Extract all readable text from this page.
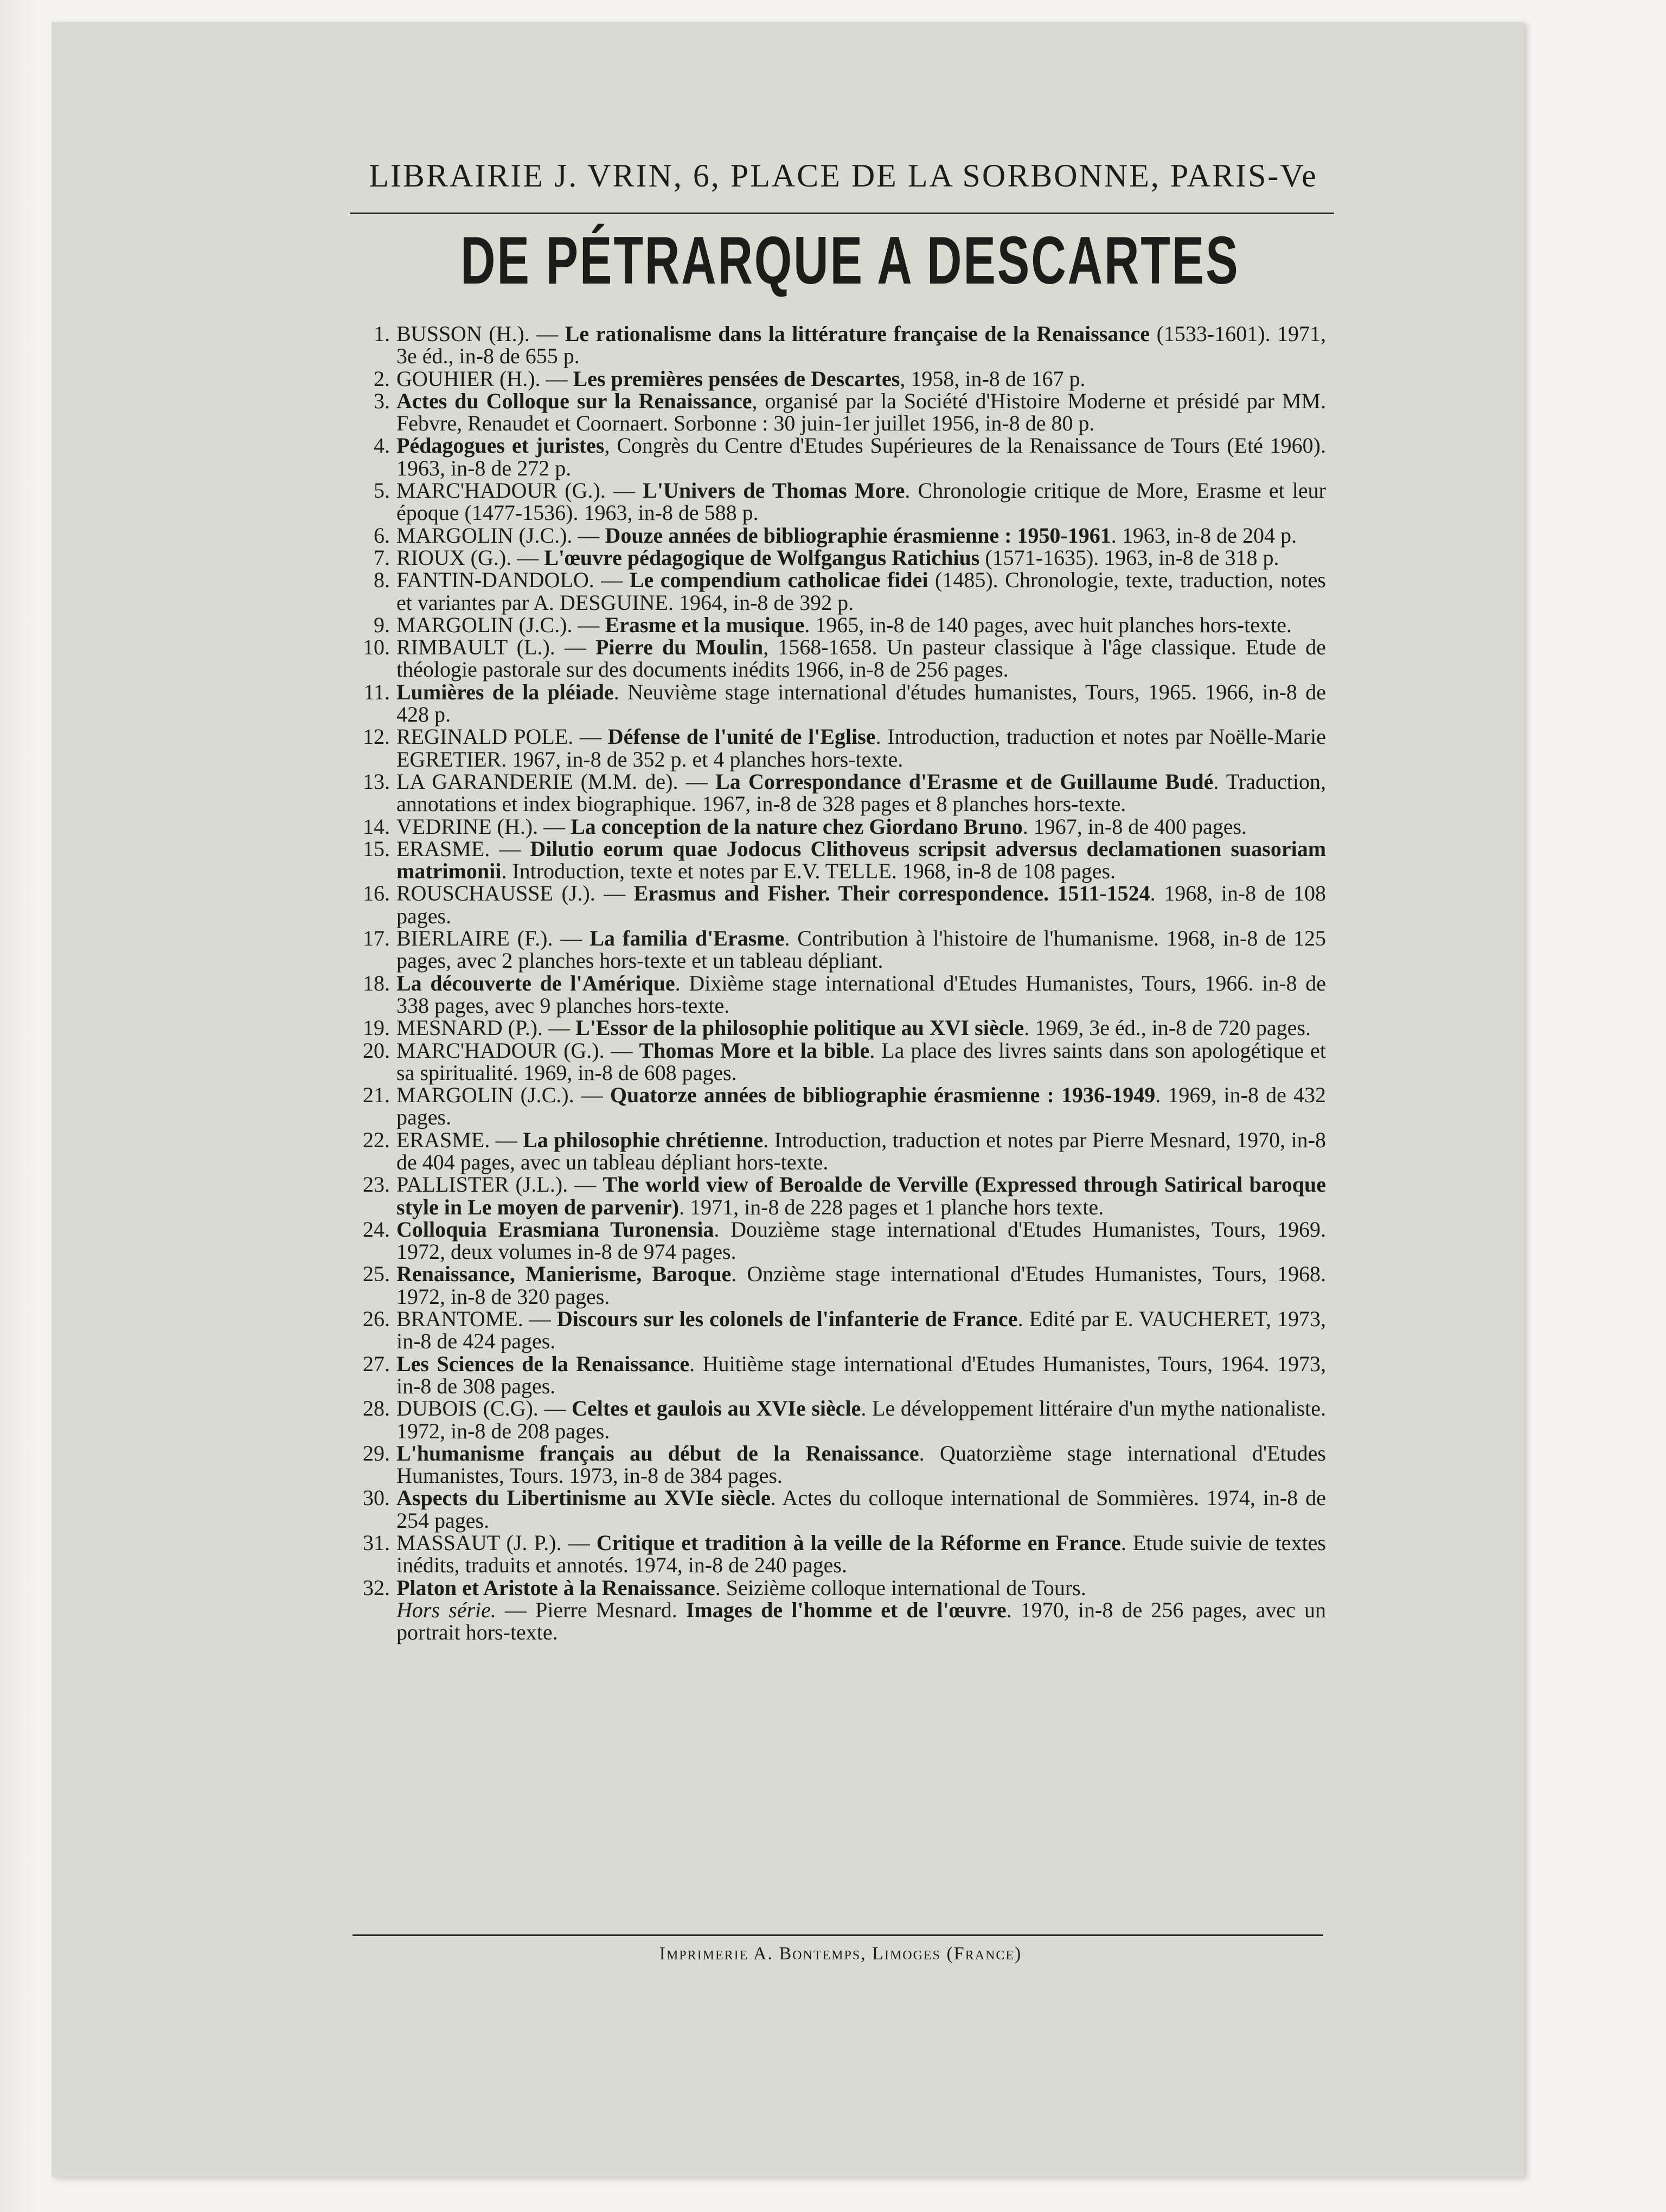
LIBRAIRIE J. VRIN, 6, PLACE DE LA SORBONNE, PARIS-Ve
DE PÉTRARQUE A DESCARTES
1. BUSSON (H.). — Le rationalisme dans la littérature française de la Renaissance (1533-1601). 1971, 3e éd., in-8 de 655 p.
2. GOUHIER (H.). — Les premières pensées de Descartes, 1958, in-8 de 167 p.
3. Actes du Colloque sur la Renaissance, organisé par la Société d'Histoire Moderne et présidé par MM. Febvre, Renaudet et Coornaert. Sorbonne : 30 juin-1er juillet 1956, in-8 de 80 p.
4. Pédagogues et juristes, Congrès du Centre d'Etudes Supérieures de la Renaissance de Tours (Eté 1960). 1963, in-8 de 272 p.
5. MARC'HADOUR (G.). — L'Univers de Thomas More. Chronologie critique de More, Erasme et leur époque (1477-1536). 1963, in-8 de 588 p.
6. MARGOLIN (J.C.). — Douze années de bibliographie érasmienne : 1950-1961. 1963, in-8 de 204 p.
7. RIOUX (G.). — L'œuvre pédagogique de Wolfgangus Ratichius (1571-1635). 1963, in-8 de 318 p.
8. FANTIN-DANDOLO. — Le compendium catholicae fidei (1485). Chronologie, texte, traduction, notes et variantes par A. DESGUINE. 1964, in-8 de 392 p.
9. MARGOLIN (J.C.). — Erasme et la musique. 1965, in-8 de 140 pages, avec huit planches hors-texte.
10. RIMBAULT (L.). — Pierre du Moulin, 1568-1658. Un pasteur classique à l'âge classique. Etude de théologie pastorale sur des documents inédits 1966, in-8 de 256 pages.
11. Lumières de la pléiade. Neuvième stage international d'études humanistes, Tours, 1965. 1966, in-8 de 428 p.
12. REGINALD POLE. — Défense de l'unité de l'Eglise. Introduction, traduction et notes par Noëlle-Marie EGRETIER. 1967, in-8 de 352 p. et 4 planches hors-texte.
13. LA GARANDERIE (M.M. de). — La Correspondance d'Erasme et de Guillaume Budé. Traduction, annotations et index biographique. 1967, in-8 de 328 pages et 8 planches hors-texte.
14. VEDRINE (H.). — La conception de la nature chez Giordano Bruno. 1967, in-8 de 400 pages.
15. ERASME. — Dilutio eorum quae Jodocus Clithoveus scripsit adversus declamationen suasoriam matrimonii. Introduction, texte et notes par E.V. TELLE. 1968, in-8 de 108 pages.
16. ROUSCHAUSSE (J.). — Erasmus and Fisher. Their correspondence. 1511-1524. 1968, in-8 de 108 pages.
17. BIERLAIRE (F.). — La familia d'Erasme. Contribution à l'histoire de l'humanisme. 1968, in-8 de 125 pages, avec 2 planches hors-texte et un tableau dépliant.
18. La découverte de l'Amérique. Dixième stage international d'Etudes Humanistes, Tours, 1966. in-8 de 338 pages, avec 9 planches hors-texte.
19. MESNARD (P.). — L'Essor de la philosophie politique au XVI siècle. 1969, 3e éd., in-8 de 720 pages.
20. MARC'HADOUR (G.). — Thomas More et la bible. La place des livres saints dans son apologétique et sa spiritualité. 1969, in-8 de 608 pages.
21. MARGOLIN (J.C.). — Quatorze années de bibliographie érasmienne : 1936-1949. 1969, in-8 de 432 pages.
22. ERASME. — La philosophie chrétienne. Introduction, traduction et notes par Pierre Mesnard, 1970, in-8 de 404 pages, avec un tableau dépliant hors-texte.
23. PALLISTER (J.L.). — The world view of Beroalde de Verville (Expressed through Satirical baroque style in Le moyen de parvenir). 1971, in-8 de 228 pages et 1 planche hors texte.
24. Colloquia Erasmiana Turonensia. Douzième stage international d'Etudes Humanistes, Tours, 1969. 1972, deux volumes in-8 de 974 pages.
25. Renaissance, Manierisme, Baroque. Onzième stage international d'Etudes Humanistes, Tours, 1968. 1972, in-8 de 320 pages.
26. BRANTOME. — Discours sur les colonels de l'infanterie de France. Edité par E. VAUCHERET, 1973, in-8 de 424 pages.
27. Les Sciences de la Renaissance. Huitième stage international d'Etudes Humanistes, Tours, 1964. 1973, in-8 de 308 pages.
28. DUBOIS (C.G). — Celtes et gaulois au XVIe siècle. Le développement littéraire d'un mythe nationaliste. 1972, in-8 de 208 pages.
29. L'humanisme français au début de la Renaissance. Quatorzième stage international d'Etudes Humanistes, Tours. 1973, in-8 de 384 pages.
30. Aspects du Libertinisme au XVIe siècle. Actes du colloque international de Sommières. 1974, in-8 de 254 pages.
31. MASSAUT (J. P.). — Critique et tradition à la veille de la Réforme en France. Etude suivie de textes inédits, traduits et annotés. 1974, in-8 de 240 pages.
32. Platon et Aristote à la Renaissance. Seizième colloque international de Tours.
Hors série. — Pierre Mesnard. Images de l'homme et de l'œuvre. 1970, in-8 de 256 pages, avec un portrait hors-texte.
Imprimerie A. Bontemps, Limoges (France)
